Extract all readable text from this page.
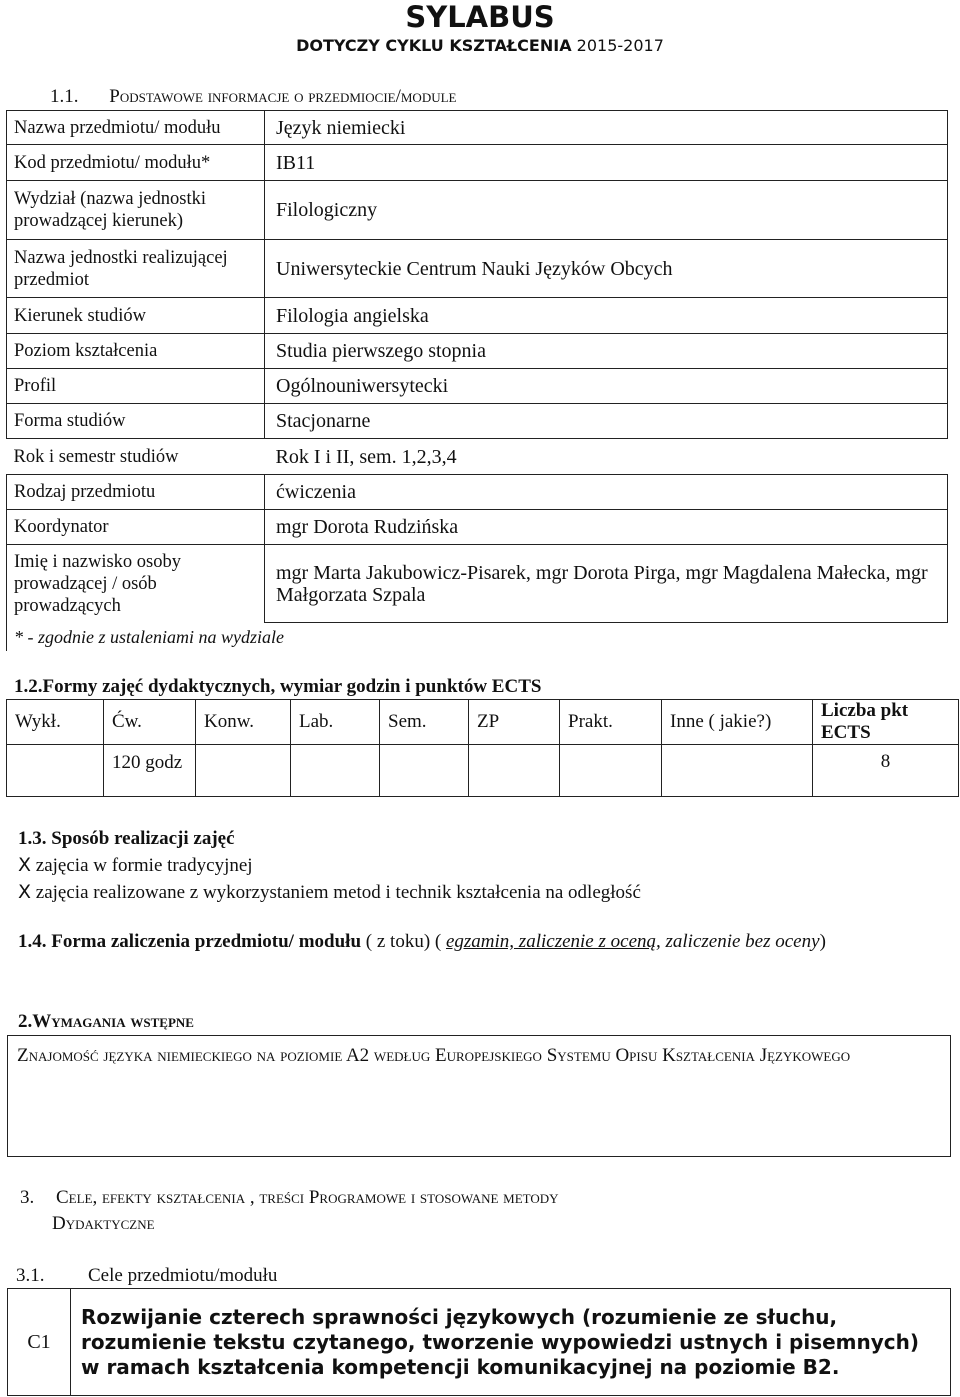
SYLABUS
DOTYCZY CYKLU KSZTAŁCENIA 2015-2017
1.1. Podstawowe informacje o przedmiocie/module
Nazwa przedmiotu/ modułu	Język niemiecki
Kod przedmiotu/ modułu*	IB11
Wydział (nazwa jednostki prowadzącej kierunek)	Filologiczny
Nazwa jednostki realizującej przedmiot	Uniwersyteckie Centrum Nauki Języków Obcych
Kierunek studiów	Filologia angielska
Poziom kształcenia	Studia pierwszego stopnia
Profil	Ogólnouniwersytecki
Forma studiów	Stacjonarne
Rok i semestr studiów	Rok I i II, sem. 1,2,3,4
Rodzaj przedmiotu	ćwiczenia
Koordynator	mgr Dorota Rudzińska
Imię i nazwisko osoby prowadzącej / osób prowadzących	mgr Marta Jakubowicz-Pisarek, mgr Dorota Pirga, mgr Magdalena Małecka, mgr Małgorzata Szpala
* - zgodnie z ustaleniami na wydziale	
1.2.Formy zajęć dydaktycznych, wymiar godzin i punktów ECTS
Wykł.	Ćw.	Konw.	Lab.	Sem.	ZP	Prakt.	Inne ( jakie?)	Liczba pkt ECTS
	120 godz							8
1.3. Sposób realizacji zajęć
X zajęcia w formie tradycyjnej
X zajęcia realizowane z wykorzystaniem metod i technik kształcenia na odległość
1.4. Forma zaliczenia przedmiotu/ modułu ( z toku) ( egzamin, zaliczenie z oceną, zaliczenie bez oceny)
2.Wymagania wstępne
Znajomość języka niemieckiego na poziomie A2 według Europejskiego Systemu Opisu Kształcenia Językowego
3. Cele, efekty kształcenia , treści Programowe i stosowane metody
Dydaktyczne
3.1. Cele przedmiotu/modułu
C1	Rozwijanie czterech sprawności językowych (rozumienie ze słuchu, rozumienie tekstu czytanego, tworzenie wypowiedzi ustnych i pisemnych) w ramach kształcenia kompetencji komunikacyjnej na poziomie B2.
